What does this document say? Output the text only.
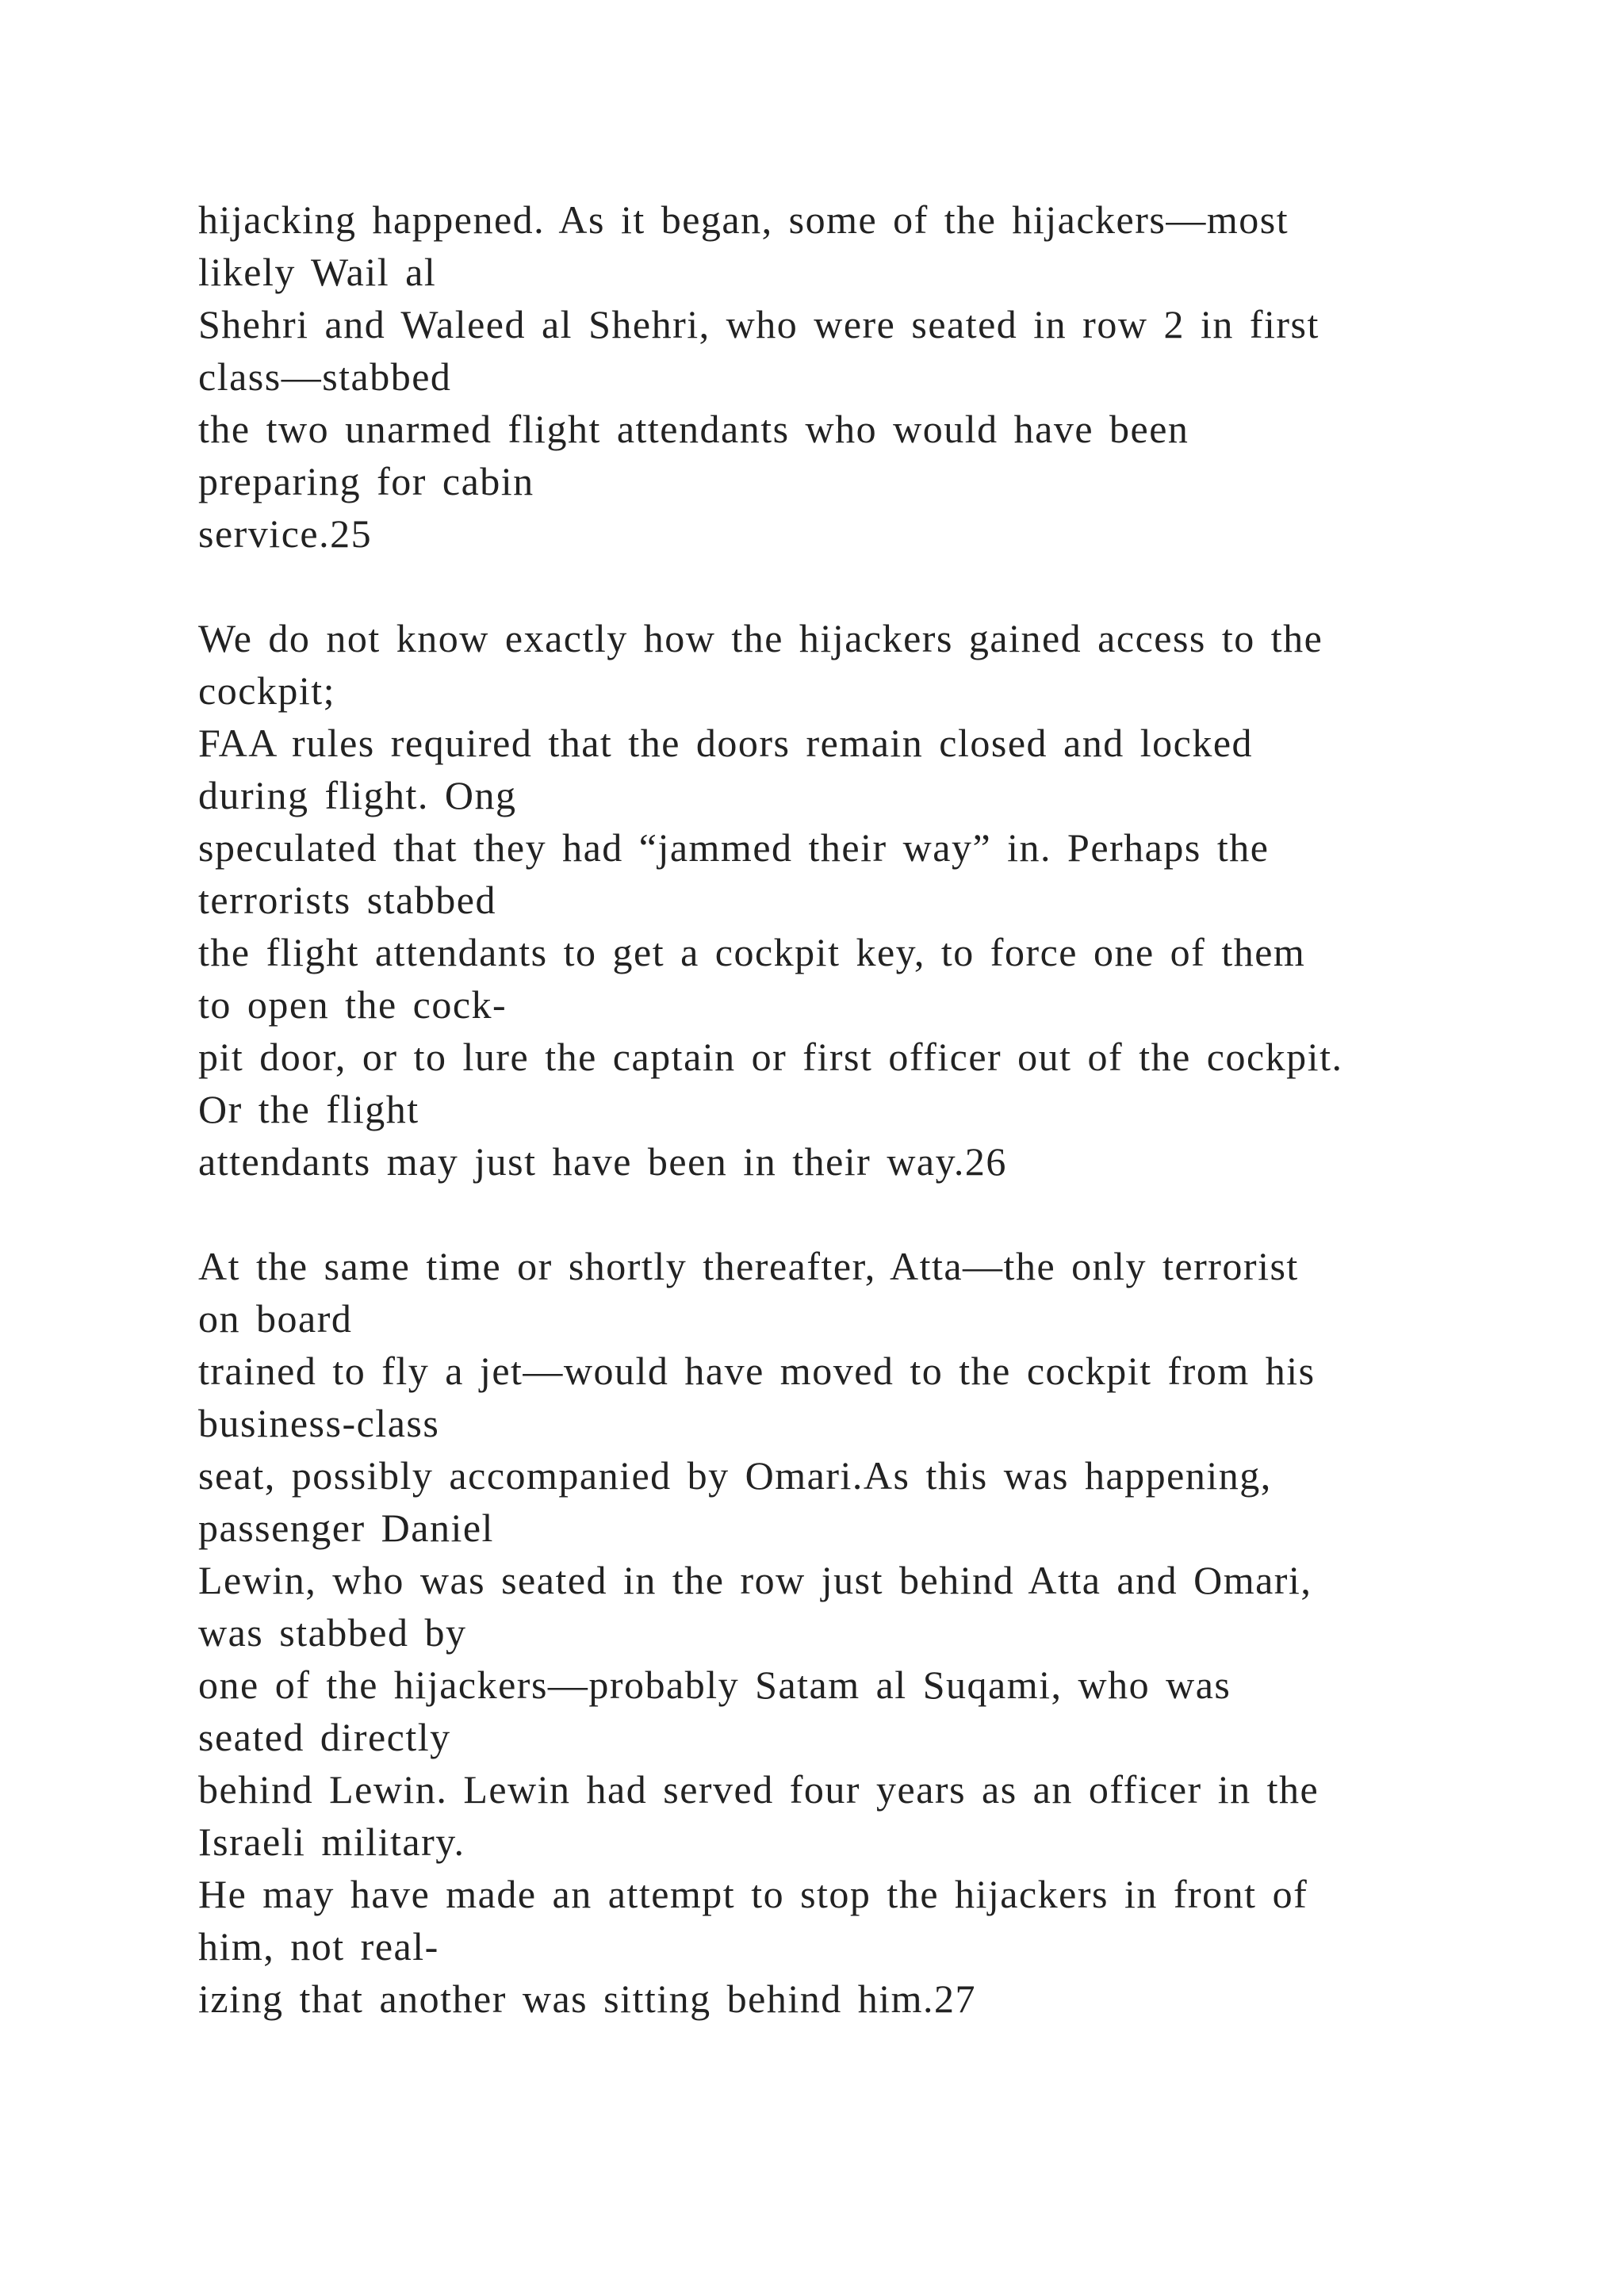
hijacking happened. As it began, some of the hijackers—most
likely Wail al
Shehri and Waleed al Shehri, who were seated in row 2 in first
class—stabbed
the two unarmed flight attendants who would have been
preparing for cabin
service.25
We do not know exactly how the hijackers gained access to the
cockpit;
FAA rules required that the doors remain closed and locked
during flight. Ong
speculated that they had “jammed their way” in. Perhaps the
terrorists stabbed
the flight attendants to get a cockpit key, to force one of them
to open the cock-
pit door, or to lure the captain or first officer out of the cockpit.
Or the flight
attendants may just have been in their way.26
At the same time or shortly thereafter, Atta—the only terrorist
on board
trained to fly a jet—would have moved to the cockpit from his
business-class
seat, possibly accompanied by Omari.As this was happening,
passenger Daniel
Lewin, who was seated in the row just behind Atta and Omari,
was stabbed by
one of the hijackers—probably Satam al Suqami, who was
seated directly
behind Lewin. Lewin had served four years as an officer in the
Israeli military.
He may have made an attempt to stop the hijackers in front of
him, not real-
izing that another was sitting behind him.27
